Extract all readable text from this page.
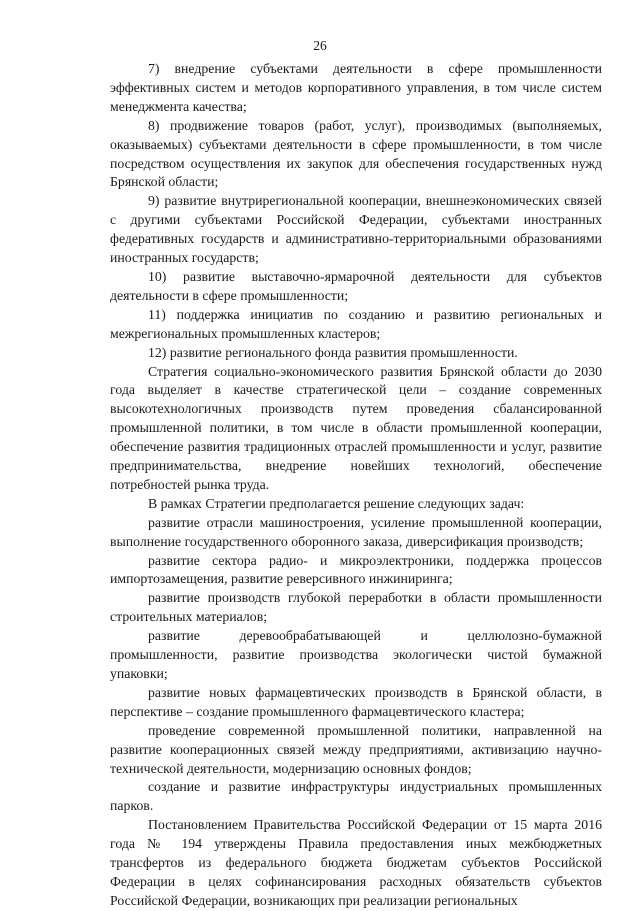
26

7) внедрение субъектами деятельности в сфере промышленности эффективных систем и методов корпоративного управления, в том числе систем менеджмента качества;

8) продвижение товаров (работ, услуг), производимых (выполняемых, оказываемых) субъектами деятельности в сфере промышленности, в том числе посредством осуществления их закупок для обеспечения государственных нужд Брянской области;

9) развитие внутрирегиональной кооперации, внешнеэкономических связей с другими субъектами Российской Федерации, субъектами иностранных федеративных государств и административно-территориальными образованиями иностранных государств;

10) развитие выставочно-ярмарочной деятельности для субъектов деятельности в сфере промышленности;

11) поддержка инициатив по созданию и развитию региональных и межрегиональных промышленных кластеров;

12) развитие регионального фонда развития промышленности.

Стратегия социально-экономического развития Брянской области до 2030 года выделяет в качестве стратегической цели – создание современных высокотехнологичных производств путем проведения сбалансированной промышленной политики, в том числе в области промышленной кооперации, обеспечение развития традиционных отраслей промышленности и услуг, развитие предпринимательства, внедрение новейших технологий, обеспечение потребностей рынка труда.

В рамках Стратегии предполагается решение следующих задач:

развитие отрасли машиностроения, усиление промышленной кооперации, выполнение государственного оборонного заказа, диверсификация производств;

развитие сектора радио- и микроэлектроники, поддержка процессов импортозамещения, развитие реверсивного инжиниринга;

развитие производств глубокой переработки в области промышленности строительных материалов;

развитие деревообрабатывающей и целлюлозно-бумажной промышленности, развитие производства экологически чистой бумажной упаковки;

развитие новых фармацевтических производств в Брянской области, в перспективе – создание промышленного фармацевтического кластера;

проведение современной промышленной политики, направленной на развитие кооперационных связей между предприятиями, активизацию научно-технической деятельности, модернизацию основных фондов;

создание и развитие инфраструктуры индустриальных промышленных парков.

Постановлением Правительства Российской Федерации от 15 марта 2016 года № 194 утверждены Правила предоставления иных межбюджетных трансфертов из федерального бюджета бюджетам субъектов Российской Федерации в целях софинансирования расходных обязательств субъектов Российской Федерации, возникающих при реализации региональных
